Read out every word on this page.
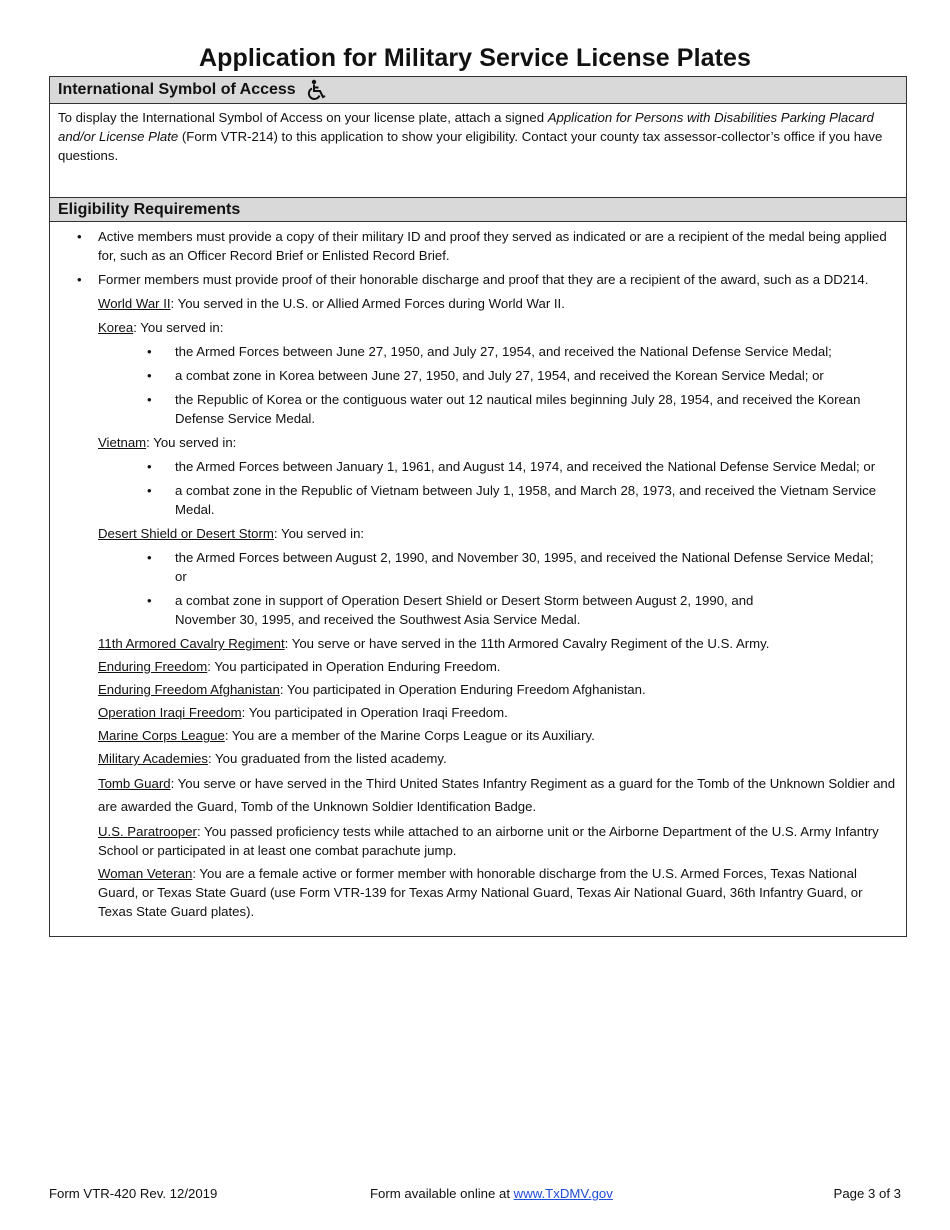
Application for Military Service License Plates
International Symbol of Access
To display the International Symbol of Access on your license plate, attach a signed Application for Persons with Disabilities Parking Placard and/or License Plate (Form VTR-214) to this application to show your eligibility. Contact your county tax assessor-collector’s office if you have questions.
Eligibility Requirements
• Active members must provide a copy of their military ID and proof they served as indicated or are a recipient of the medal being applied for, such as an Officer Record Brief or Enlisted Record Brief.
• Former members must provide proof of their honorable discharge and proof that they are a recipient of the award, such as a DD214.
World War II: You served in the U.S. or Allied Armed Forces during World War II.
Korea: You served in:
• the Armed Forces between June 27, 1950, and July 27, 1954, and received the National Defense Service Medal;
• a combat zone in Korea between June 27, 1950, and July 27, 1954, and received the Korean Service Medal; or
• the Republic of Korea or the contiguous water out 12 nautical miles beginning July 28, 1954, and received the Korean Defense Service Medal.
Vietnam: You served in:
• the Armed Forces between January 1, 1961, and August 14, 1974, and received the National Defense Service Medal; or
• a combat zone in the Republic of Vietnam between July 1, 1958, and March 28, 1973, and received the Vietnam Service Medal.
Desert Shield or Desert Storm: You served in:
• the Armed Forces between August 2, 1990, and November 30, 1995, and received the National Defense Service Medal; or
• a combat zone in support of Operation Desert Shield or Desert Storm between August 2, 1990, and November 30, 1995, and received the Southwest Asia Service Medal.
11th Armored Cavalry Regiment: You serve or have served in the 11th Armored Cavalry Regiment of the U.S. Army.
Enduring Freedom: You participated in Operation Enduring Freedom.
Enduring Freedom Afghanistan: You participated in Operation Enduring Freedom Afghanistan.
Operation Iraqi Freedom: You participated in Operation Iraqi Freedom.
Marine Corps League: You are a member of the Marine Corps League or its Auxiliary.
Military Academies: You graduated from the listed academy.
Tomb Guard: You serve or have served in the Third United States Infantry Regiment as a guard for the Tomb of the Unknown Soldier and are awarded the Guard, Tomb of the Unknown Soldier Identification Badge.
U.S. Paratrooper: You passed proficiency tests while attached to an airborne unit or the Airborne Department of the U.S. Army Infantry School or participated in at least one combat parachute jump.
Woman Veteran: You are a female active or former member with honorable discharge from the U.S. Armed Forces, Texas National Guard, or Texas State Guard (use Form VTR-139 for Texas Army National Guard, Texas Air National Guard, 36th Infantry Guard, or Texas State Guard plates).
Form VTR-420 Rev. 12/2019	Form available online at www.TxDMV.gov	Page 3 of 3
